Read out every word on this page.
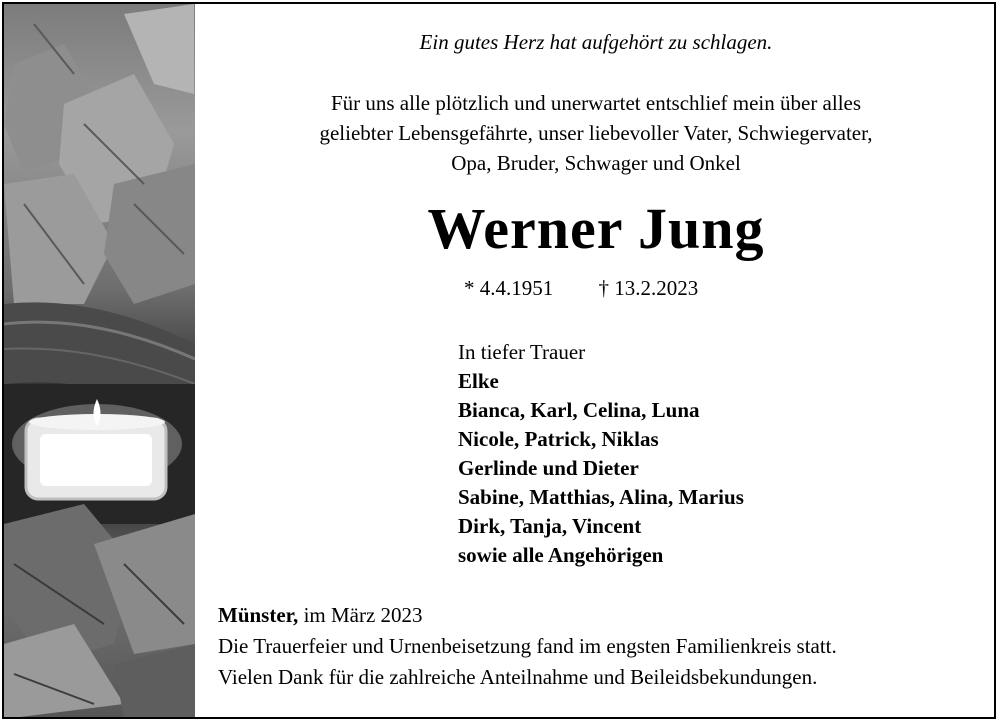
Ein gutes Herz hat aufgehört zu schlagen.
Für uns alle plötzlich und unerwartet entschlief mein über alles
geliebter Lebensgefährte, unser liebevoller Vater, Schwiegervater,
Opa, Bruder, Schwager und Onkel
Werner Jung
* 4.4.1951 † 13.2.2023
In tiefer Trauer
Elke
Bianca, Karl, Celina, Luna
Nicole, Patrick, Niklas
Gerlinde und Dieter
Sabine, Matthias, Alina, Marius
Dirk, Tanja, Vincent
sowie alle Angehörigen
Münster, im März 2023
Die Trauerfeier und Urnenbeisetzung fand im engsten Familienkreis statt.
Vielen Dank für die zahlreiche Anteilnahme und Beileidsbekundungen.
